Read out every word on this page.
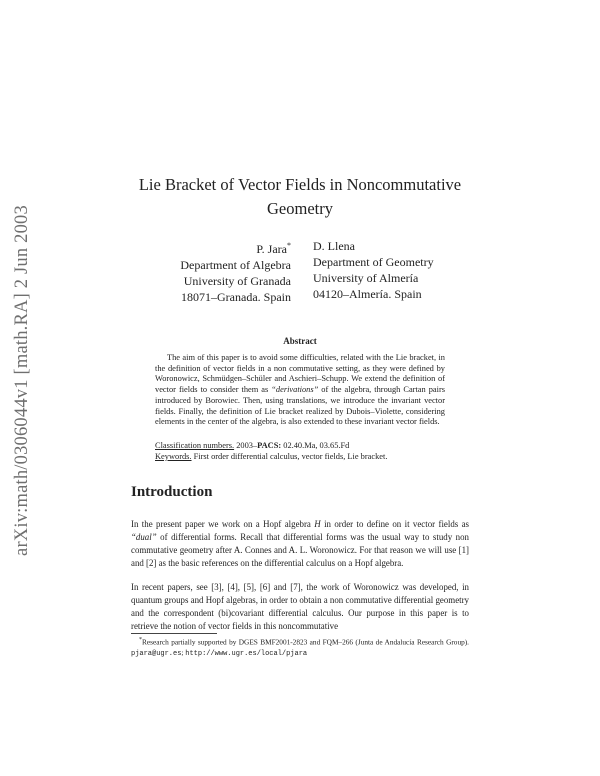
arXiv:math/0306044v1 [math.RA] 2 Jun 2003
Lie Bracket of Vector Fields in Noncommutative
Geometry
P. Jara*
Department of Algebra
University of Granada
18071–Granada. Spain
D. Llena
Department of Geometry
University of Almería
04120–Almería. Spain
Abstract
The aim of this paper is to avoid some difficulties, related with the Lie bracket, in the definition of vector fields in a non commutative setting, as they were defined by Woronowicz, Schmüdgen–Schüler and Aschieri–Schupp. We extend the definition of vector fields to consider them as “derivations” of the algebra, through Cartan pairs introduced by Borowiec. Then, using translations, we introduce the invariant vector fields. Finally, the definition of Lie bracket realized by Dubois–Violette, considering elements in the center of the algebra, is also extended to these invariant vector fields.
Classification numbers. 2003–PACS: 02.40.Ma, 03.65.Fd
Keywords. First order differential calculus, vector fields, Lie bracket.
Introduction
In the present paper we work on a Hopf algebra H in order to define on it vector fields as “dual” of differential forms. Recall that differential forms was the usual way to study non commutative geometry after A. Connes and A. L. Woronowicz. For that reason we will use [1] and [2] as the basic references on the differential calculus on a Hopf algebra.
In recent papers, see [3], [4], [5], [6] and [7], the work of Woronowicz was developed, in quantum groups and Hopf algebras, in order to obtain a non commutative differential geometry and the correspondent (bi)covariant differential calculus. Our purpose in this paper is to retrieve the notion of vector fields in this noncommutative
*Research partially supported by DGES BMF2001-2823 and FQM–266 (Junta de Andalucía Research Group). pjara@ugr.es; http://www.ugr.es/local/pjara
